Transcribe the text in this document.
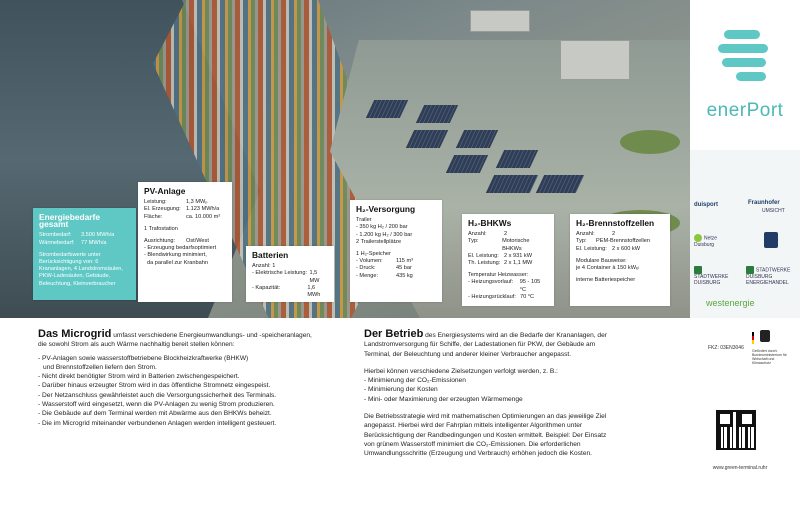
enerPort
duisport	Fraunhofer
UMSICHT
Netze Duisburg
STADTWERKE DUISBURG
STADTWERKE DUISBURG ENERGIEHANDEL
westenergie
FKZ: 03EN3046
Gefördert durch: Bundesministerium für Wirtschaft und Klimaschutz

www.green-terminal.ruhr
Energiebedarfe gesamt
Strombedarf:	3.500 MWh/a
Wärmebedarf:	77 MWh/a

Strombedarfswerte unter Berücksichtigung von: 6 Krananlagen, 4 Landstromsäulen, PKW-Ladesäulen, Gebäude, Beleuchtung, Kleinverbraucher

PV-Anlage
Leistung:	1,3 MWₚ
El. Erzeugung: 1.123 MWh/a
Fläche:	ca. 10.000 m²

1 Trafostation

Ausrichtung:	Ost/West

- Erzeugung bedarfsoptimiert

- Blendwirkung minimiert,

da parallel zur Kranbahn

Batterien

Anzahl: 1

- Elektrische Leistung: 1,5 MW
- Kapazität:	1,6 MWh
H₂-Versorgung

Trailer

- 350 kg H₂ / 200 bar

- 1.200 kg H₂ / 300 bar

2 Trailerstellplätze

1 H₂-Speicher

- Volumen:	115 m³
- Druck:	45 bar
- Menge:	435 kg
H₂-BHKWs
Anzahl:	2
Typ:	Motorische BHKWs
El. Leistung: 2 x 931 kW
Th. Leistung: 2 x 1,1 MW

Temperatur Heizwasser:

- Heizungsvorlauf:	95 - 105 °C
- Heizungsrücklauf: 70 °C
H₂-Brennstoffzellen
Anzahl:	2
Typ:	PEM-Brennstoffzellen
El. Leistung: 2 x 600 kW

Modulare Bauweise:

je 4 Container à 150 kWₑₗ

interne Batteriespeicher

Das Microgrid umfasst verschiedene Energieumwandlungs- und -speicheranlagen, die sowohl Strom als auch Wärme nachhaltig bereit stellen können:

- PV-Anlagen sowie wasserstoffbetriebene Blockheizkraftwerke (BHKW)
und Brennstoffzellen liefern den Strom.
- Nicht direkt benötigter Strom wird in Batterien zwischengespeichert.
- Darüber hinaus erzeugter Strom wird in das öffentliche Stromnetz eingespeist.
- Der Netzanschluss gewährleistet auch die Versorgungssicherheit des Terminals.
- Wasserstoff wird eingesetzt, wenn die PV-Anlagen zu wenig Strom produzieren.
- Die Gebäude auf dem Terminal werden mit Abwärme aus den BHKWs beheizt.
- Die im Microgrid miteinander verbundenen Anlagen werden intelligent gesteuert.

Der Betrieb des Energiesystems wird an die Bedarfe der Krananlagen, der Landstromversorgung für Schiffe, der Ladestationen für PKW, der Gebäude am Terminal, der Beleuchtung und anderer kleiner Verbraucher angepasst.

Hierbei können verschiedene Zielsetzungen verfolgt werden, z. B.:

- Minimierung der CO₂-Emissionen
- Minimierung der Kosten
- Mini- oder Maximierung der erzeugten Wärmemenge

Die Betriebsstrategie wird mit mathematischen Optimierungen an das jeweilige Ziel angepasst. Hierbei wird der Fahrplan mittels intelligenter Algorithmen unter Berücksichtigung der Randbedingungen und Kosten ermittelt. Beispiel: Der Einsatz von grünem Wasserstoff minimiert die CO₂-Emissionen. Die erforderlichen Umwandlungsschritte (Erzeugung und Verbrauch) erhöhen jedoch die Kosten.
